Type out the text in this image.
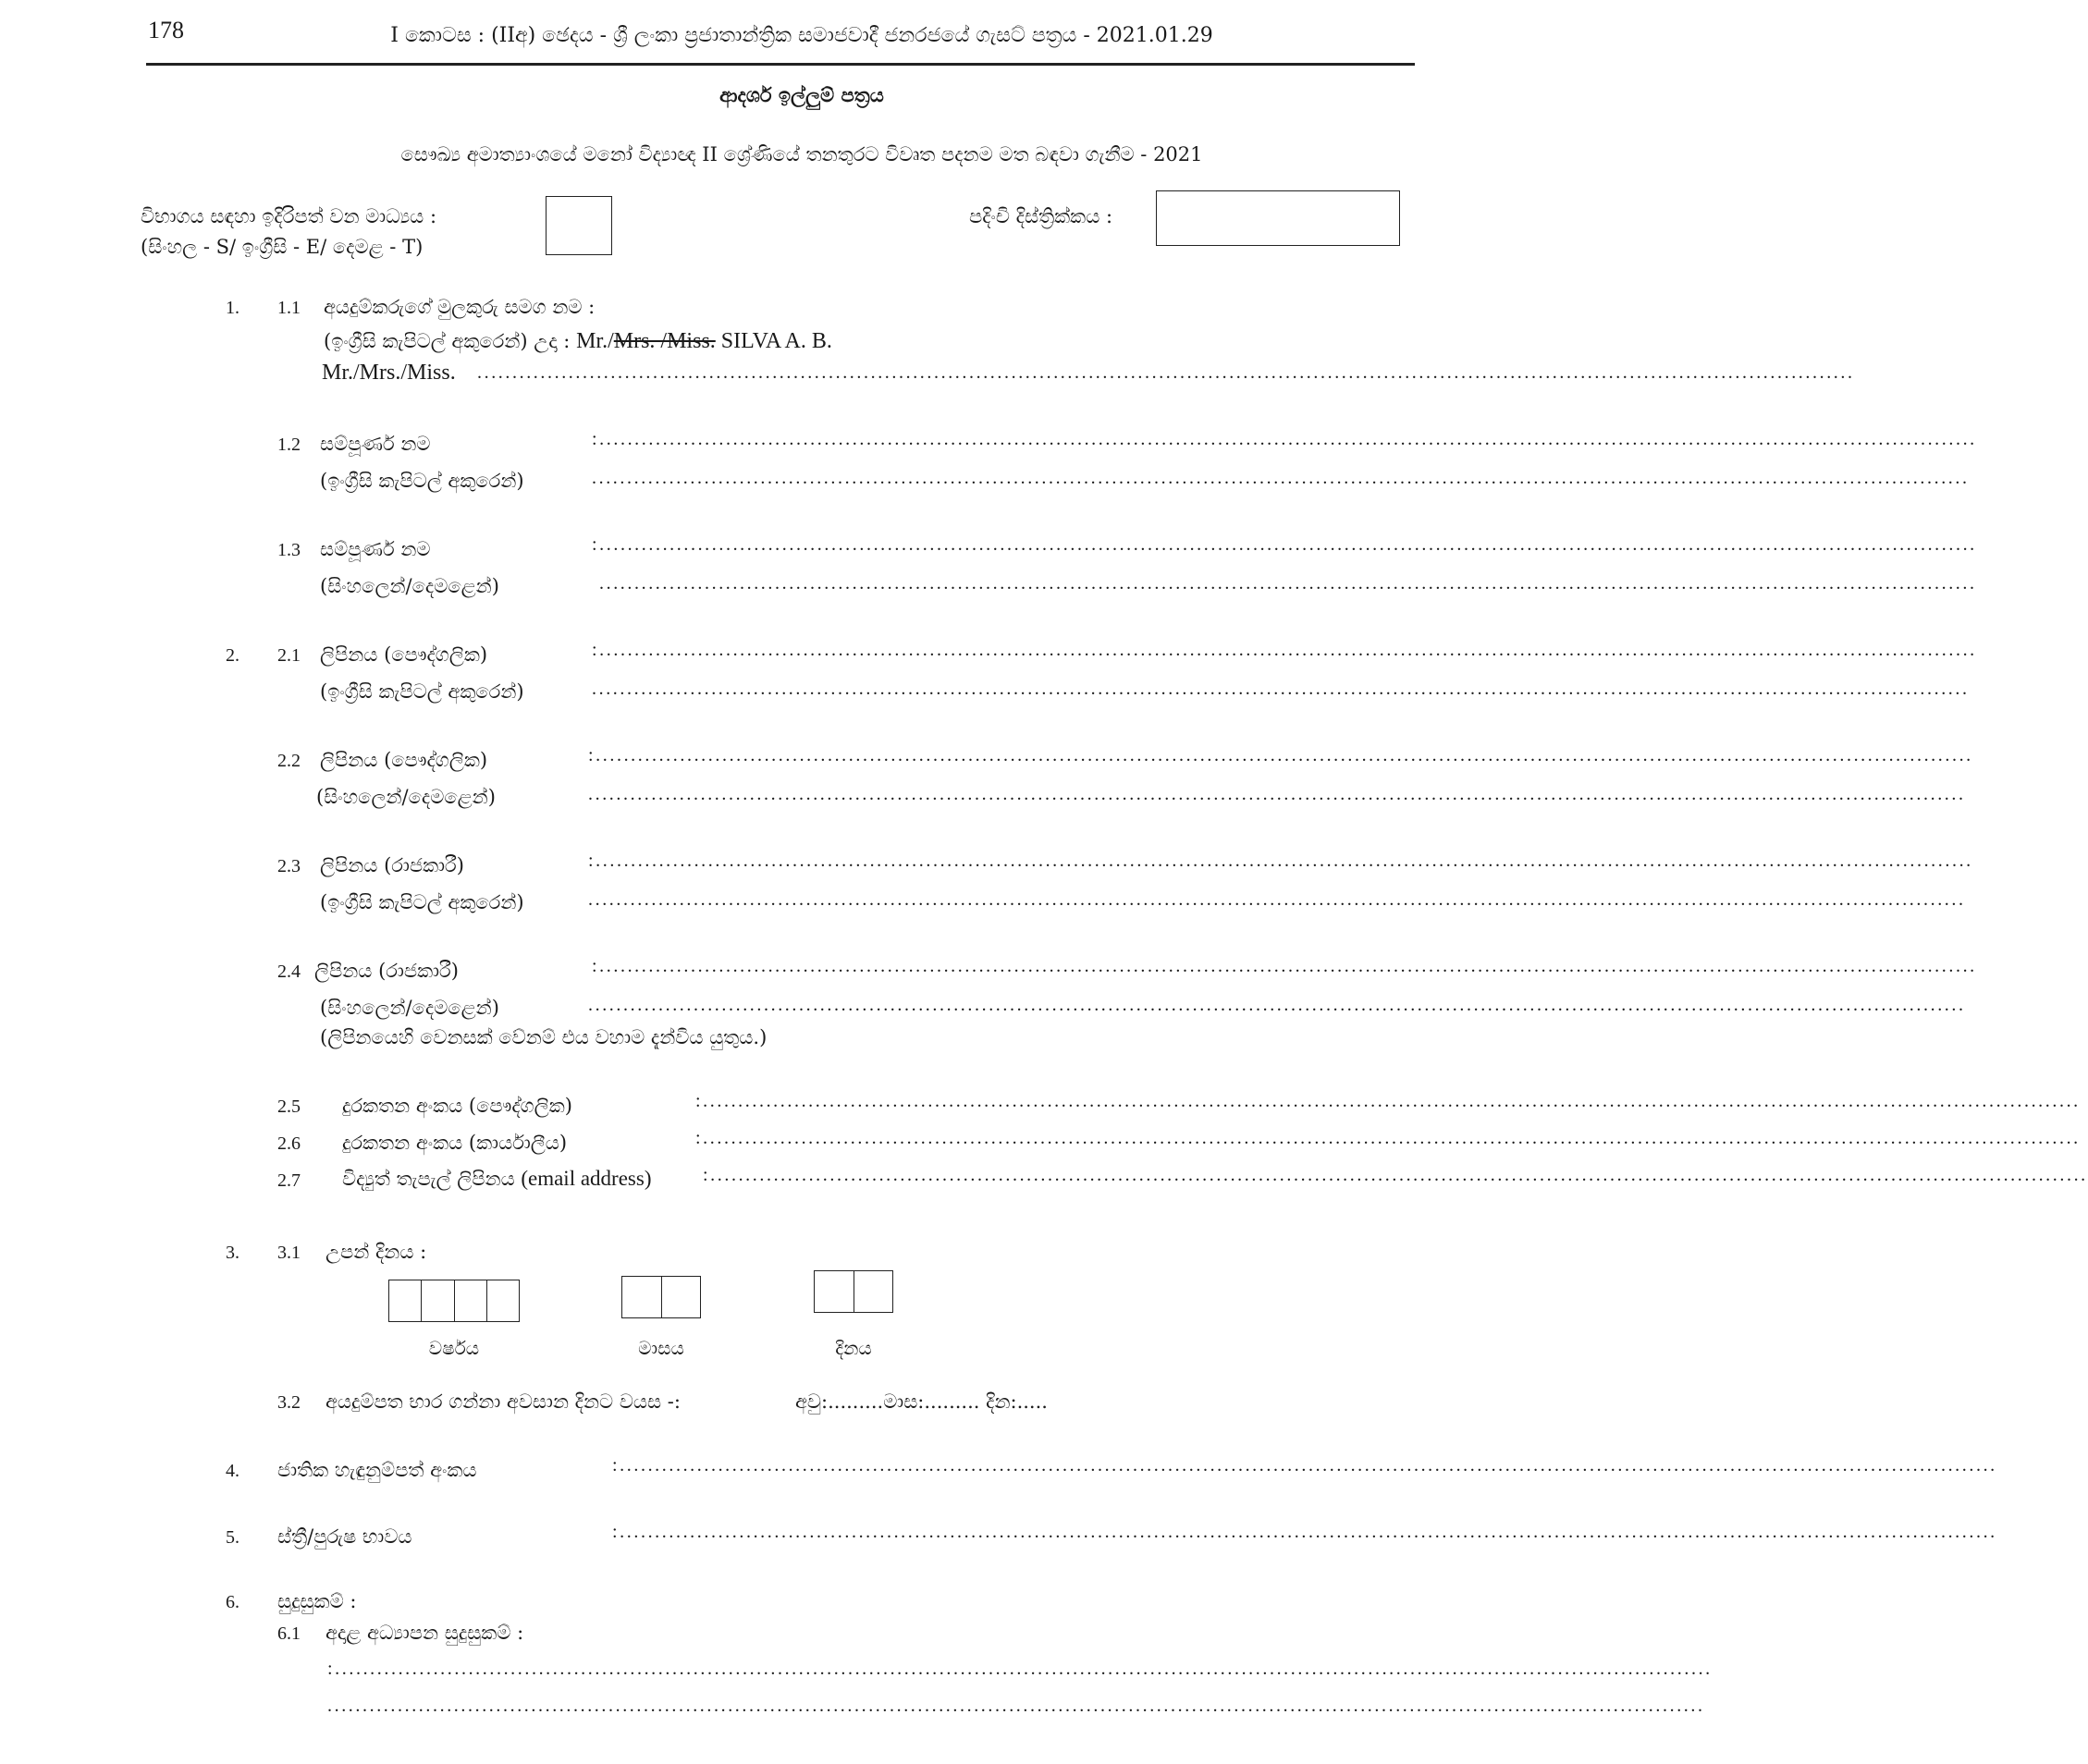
178	I කොටස : (IIඅ) ඡෙදය - ශ්‍රී ලංකා ප්‍රජාතාන්ත්‍රික සමාජවාදී ජනරජයේ ගැසට් පත්‍රය - 2021.01.29
ආදර්ශ ඉල්ලුම් පත්‍රය
සෞඛ්‍ය අමාත්‍යාංශයේ මනෝ විද්‍යාඥ II ශ්‍රේණියේ තනතුරට විවෘත පදනම මත බඳවා ගැනීම - 2021
විභාගය සඳහා ඉදිරිපත් වන මාධ්‍යය :
(සිංහල - S/ ඉංග්‍රීසි - E/ දෙමළ - T)
පදිංචි දිස්ත්‍රික්කය :
1. 1.1 අයදුම්කරුගේ මුලකුරු සමග නම :
(ඉංග්‍රීසි කැපිටල් අකුරෙන්) උදා : Mr./Mrs. /Miss. SILVA A. B.
Mr./Mrs./Miss. ....................................................................................................................................................................................................
1.2 සම්පූර්ණ නම	:....................................................................................................................................................................................................
(ඉංග්‍රීසි කැපිටල් අකුරෙන්)	....................................................................................................................................................................................................
1.3 සම්පූර්ණ නම	:....................................................................................................................................................................................................
(සිංහලෙන්/දෙමළෙන්)	....................................................................................................................................................................................................
2. 2.1 ලිපිනය (පෞද්ගලික)	:....................................................................................................................................................................................................
(ඉංග්‍රීසි කැපිටල් අකුරෙන්)	....................................................................................................................................................................................................
2.2 ලිපිනය (පෞද්ගලික)	:....................................................................................................................................................................................................
(සිංහලෙන්/දෙමළෙන්)	....................................................................................................................................................................................................
2.3 ලිපිනය (රාජකාරී)	:....................................................................................................................................................................................................
(ඉංග්‍රීසි කැපිටල් අකුරෙන්)	....................................................................................................................................................................................................
2.4 ලිපිනය (රාජකාරී)	:....................................................................................................................................................................................................
(සිංහලෙන්/දෙමළෙන්)	....................................................................................................................................................................................................
(ලිපිනයෙහි වෙනසක් වේනම් එය වහාම දැන්විය යුතුය.)
2.5 දුරකතන අංකය (පෞද්ගලික)	:....................................................................................................................................................................................................
2.6 දුරකතන අංකය (කාර්යාලීය)	:....................................................................................................................................................................................................
2.7 විද්‍යුත් තැපැල් ලිපිනය (email address)	:....................................................................................................................................................................................................
3. 3.1 උපන් දිනය :
වර්ෂය	මාසය	දිනය
3.2 අයදුම්පත භාර ගන්නා අවසාන දිනට වයස -:	අවු:.........මාස:......... දින:.....
4. ජාතික හැඳුනුම්පත් අංකය	:....................................................................................................................................................................................................
5. ස්ත්‍රී/පුරුෂ භාවය	:....................................................................................................................................................................................................
6. සුදුසුකම් :
6.1 අදාළ අධ්‍යාපන සුදුසුකම් :
:....................................................................................................................................................................................................
....................................................................................................................................................................................................
